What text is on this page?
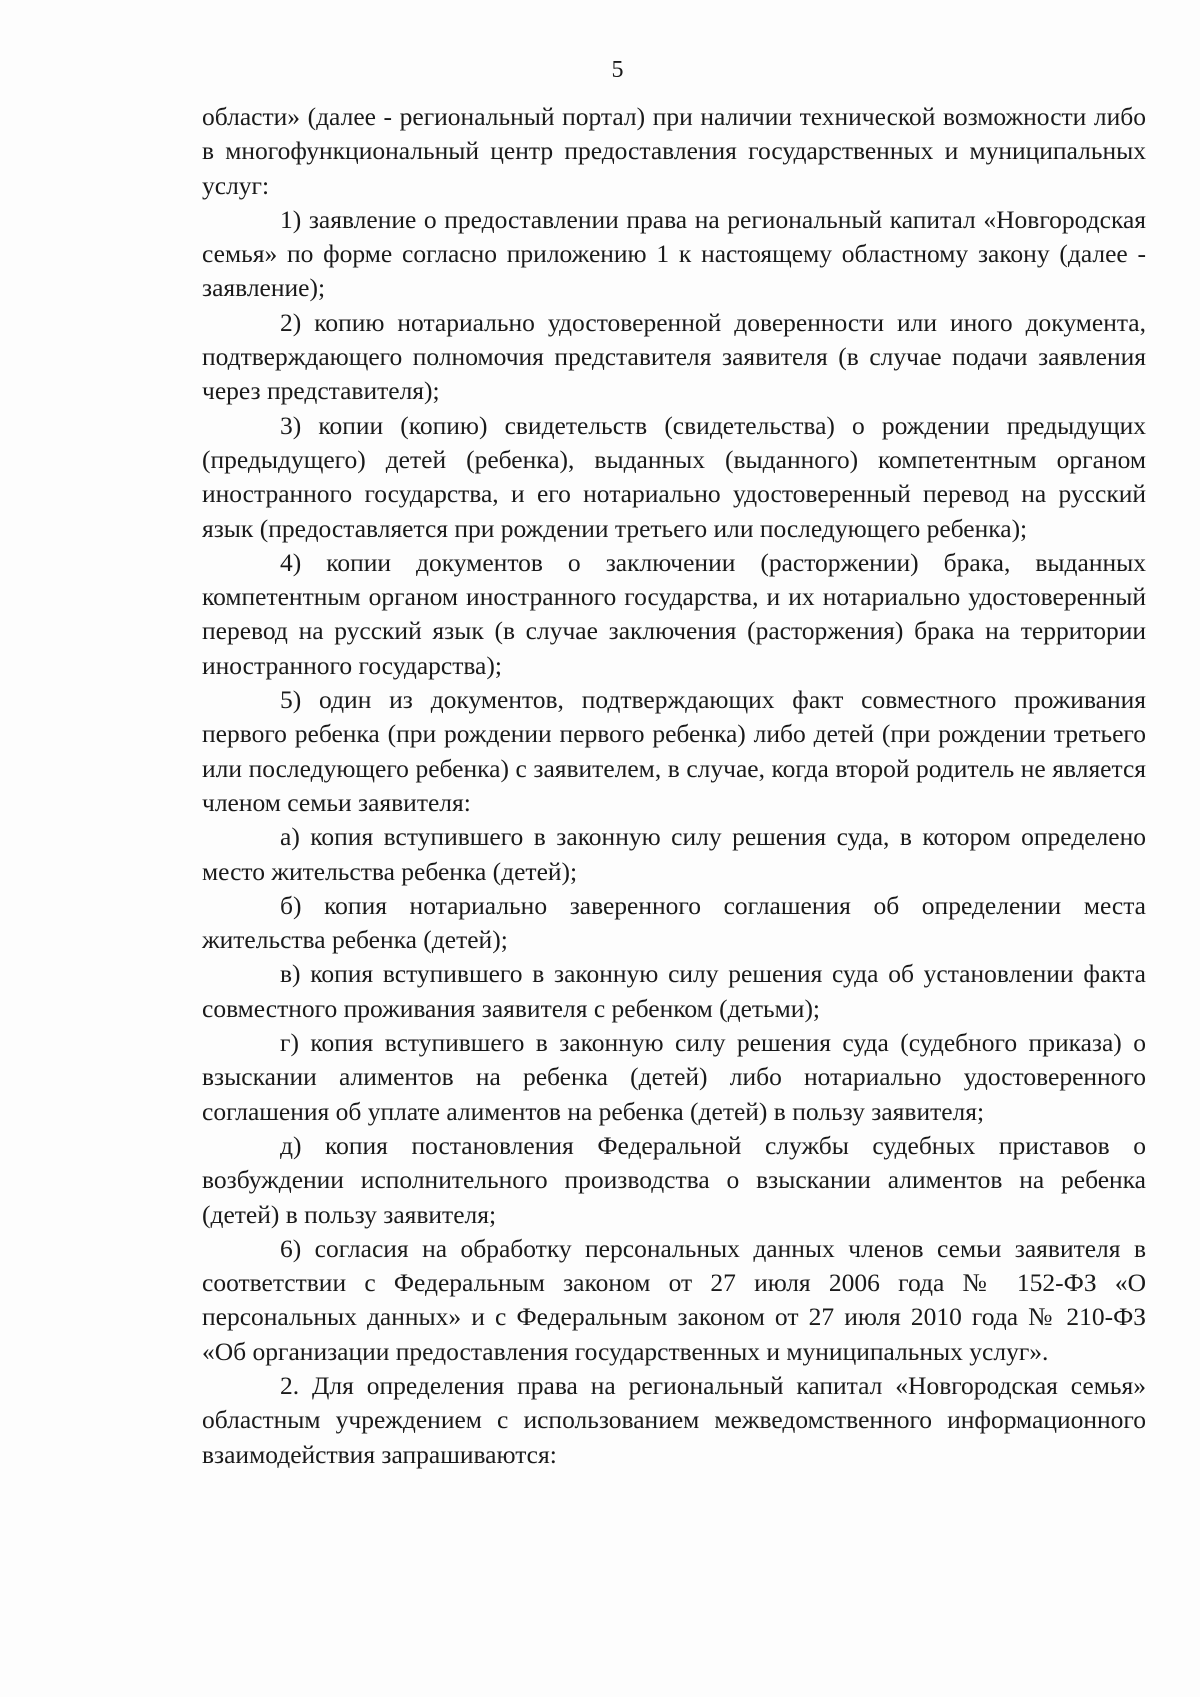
5

области» (далее - региональный портал) при наличии технической возможности либо в многофункциональный центр предоставления государственных и муниципальных услуг:

1) заявление о предоставлении права на региональный капитал «Новгородская семья» по форме согласно приложению 1 к настоящему областному закону (далее - заявление);

2) копию нотариально удостоверенной доверенности или иного документа, подтверждающего полномочия представителя заявителя (в случае подачи заявления через представителя);

3) копии (копию) свидетельств (свидетельства) о рождении предыдущих (предыдущего) детей (ребенка), выданных (выданного) компетентным органом иностранного государства, и его нотариально удостоверенный перевод на русский язык (предоставляется при рождении третьего или последующего ребенка);

4) копии документов о заключении (расторжении) брака, выданных компетентным органом иностранного государства, и их нотариально удостоверенный перевод на русский язык (в случае заключения (расторжения) брака на территории иностранного государства);

5) один из документов, подтверждающих факт совместного проживания первого ребенка (при рождении первого ребенка) либо детей (при рождении третьего или последующего ребенка) с заявителем, в случае, когда второй родитель не является членом семьи заявителя:

а) копия вступившего в законную силу решения суда, в котором определено место жительства ребенка (детей);

б) копия нотариально заверенного соглашения об определении места жительства ребенка (детей);

в) копия вступившего в законную силу решения суда об установлении факта совместного проживания заявителя с ребенком (детьми);

г) копия вступившего в законную силу решения суда (судебного приказа) о взыскании алиментов на ребенка (детей) либо нотариально удостоверенного соглашения об уплате алиментов на ребенка (детей) в пользу заявителя;

д) копия постановления Федеральной службы судебных приставов о возбуждении исполнительного производства о взыскании алиментов на ребенка (детей) в пользу заявителя;

6) согласия на обработку персональных данных членов семьи заявителя в соответствии с Федеральным законом от 27 июля 2006 года № 152-ФЗ «О персональных данных» и с Федеральным законом от 27 июля 2010 года № 210-ФЗ «Об организации предоставления государственных и муниципальных услуг».

2. Для определения права на региональный капитал «Новгородская семья» областным учреждением с использованием межведомственного информационного взаимодействия запрашиваются:
